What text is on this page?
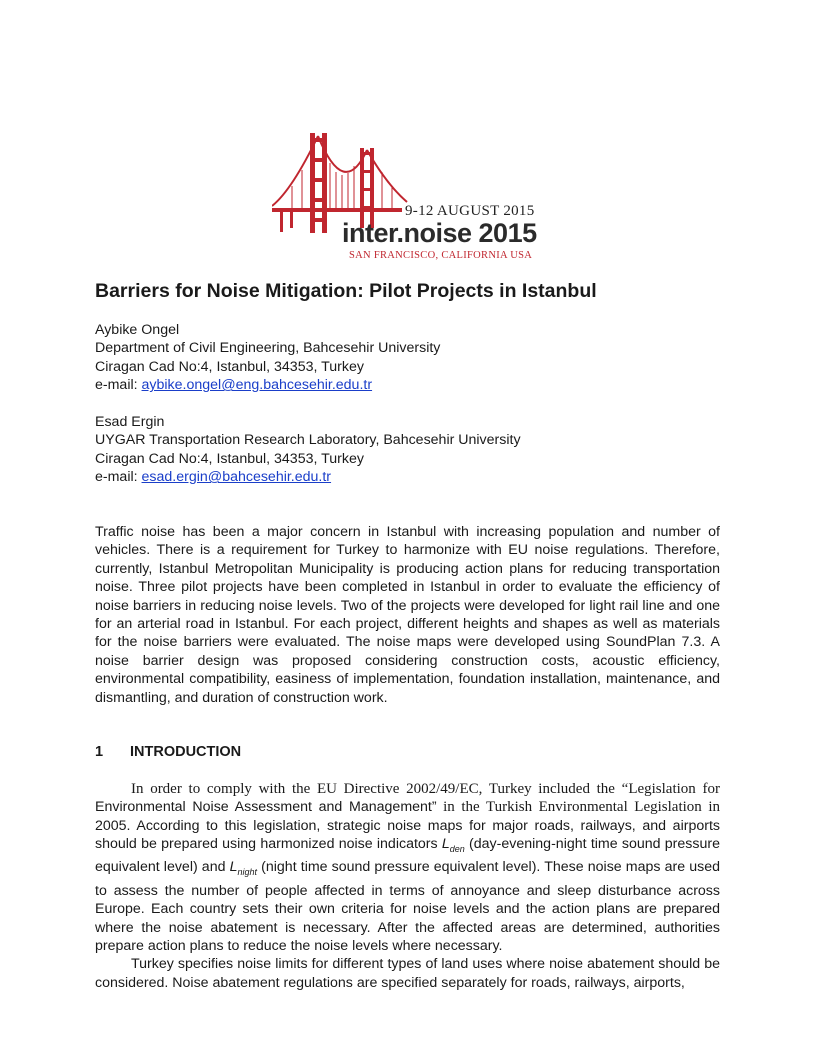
9-12 AUGUST 2015
inter.noise 2015
SAN FRANCISCO, CALIFORNIA USA
Barriers for Noise Mitigation: Pilot Projects in Istanbul
Aybike Ongel
Department of Civil Engineering, Bahcesehir University
Ciragan Cad No:4, Istanbul, 34353, Turkey
e-mail: aybike.ongel@eng.bahcesehir.edu.tr
Esad Ergin
UYGAR Transportation Research Laboratory, Bahcesehir University
Ciragan Cad No:4, Istanbul, 34353, Turkey
e-mail: esad.ergin@bahcesehir.edu.tr

Traffic noise has been a major concern in Istanbul with increasing population and number of vehicles. There is a requirement for Turkey to harmonize with EU noise regulations. Therefore, currently, Istanbul Metropolitan Municipality is producing action plans for reducing transportation noise. Three pilot projects have been completed in Istanbul in order to evaluate the efficiency of noise barriers in reducing noise levels. Two of the projects were developed for light rail line and one for an arterial road in Istanbul. For each project, different heights and shapes as well as materials for the noise barriers were evaluated. The noise maps were developed using SoundPlan 7.3. A noise barrier design was proposed considering construction costs, acoustic efficiency, environmental compatibility, easiness of implementation, foundation installation, maintenance, and dismantling, and duration of construction work.

1 INTRODUCTION

In order to comply with the EU Directive 2002/49/EC, Turkey included the “Legislation for Environmental Noise Assessment and Management” in the Turkish Environmental Legislation in 2005. According to this legislation, strategic noise maps for major roads, railways, and airports should be prepared using harmonized noise indicators $L_{den}$ (day-evening-night time sound pressure equivalent level) and $L_{night}$ (night time sound pressure equivalent level). These noise maps are used to assess the number of people affected in terms of annoyance and sleep disturbance across Europe. Each country sets their own criteria for noise levels and the action plans are prepared where the noise abatement is necessary. After the affected areas are determined, authorities prepare action plans to reduce the noise levels where necessary.

Turkey specifies noise limits for different types of land uses where noise abatement should be considered. Noise abatement regulations are specified separately for roads, railways, airports,
